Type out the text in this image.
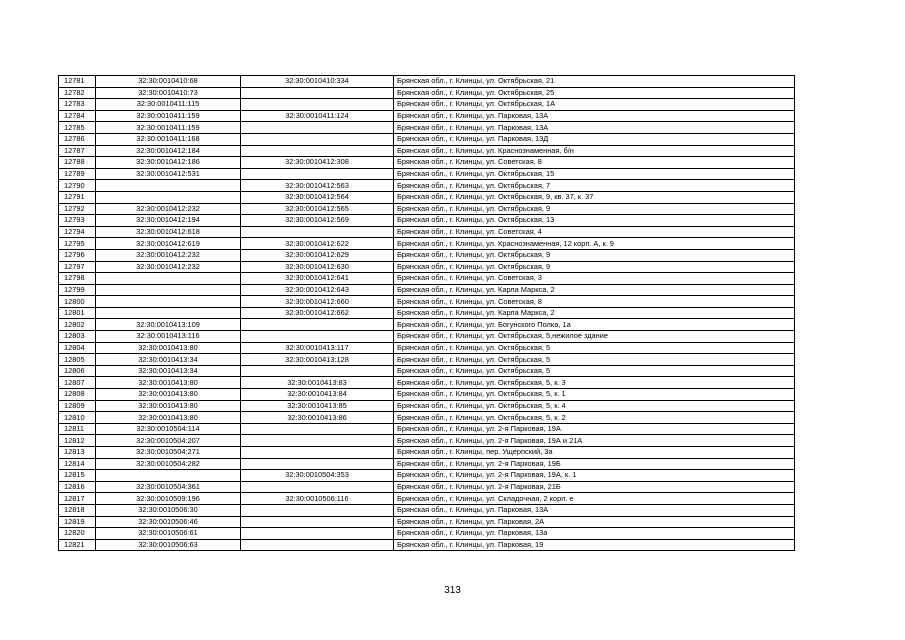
12781	32:30:0010410:68	32:30:0010410:334	Брянская обл., г. Клинцы, ул. Октябрьская, 21
12782	32:30:0010410:73		Брянская обл., г. Клинцы, ул. Октябрьская, 25
12783	32:30:0010411:115		Брянская обл., г. Клинцы, ул. Октябрьская, 1А
12784	32:30:0010411:159	32:30:0010411:124	Брянская обл., г. Клинцы, ул. Парковая, 13А
12785	32:30:0010411:159		Брянская обл., г. Клинцы, ул. Парковая, 13А
12786	32:30:0010411:168		Брянская обл., г. Клинцы, ул. Парковая, 13Д
12787	32:30:0010412:184		Брянская обл., г. Клинцы, ул. Краснознаменная, б/н
12788	32:30:0010412:186	32:30:0010412:308	Брянская обл., г. Клинцы, ул. Советская, 8
12789	32:30:0010412:531		Брянская обл., г. Клинцы, ул. Октябрьская, 15
12790		32:30:0010412:563	Брянская обл., г. Клинцы, ул. Октябрьская, 7
12791		32:30:0010412:564	Брянская обл., г. Клинцы, ул. Октябрьская, 9, кв. 37, к. 37
12792	32:30:0010412:232	32:30:0010412:565	Брянская обл., г. Клинцы, ул. Октябрьская, 9
12793	32:30:0010412:194	32:30:0010412:569	Брянская обл., г. Клинцы, ул. Октябрьская, 13
12794	32:30:0010412:618		Брянская обл., г. Клинцы, ул. Советская, 4
12795	32:30:0010412:619	32:30:0010412:622	Брянская обл., г. Клинцы, ул. Краснознаменная, 12 корп. А, к. 9
12796	32:30:0010412:232	32:30:0010412:629	Брянская обл., г. Клинцы, ул. Октябрьская, 9
12797	32:30:0010412:232	32:30:0010412:630	Брянская обл., г. Клинцы, ул. Октябрьская, 9
12798		32:30:0010412:641	Брянская обл., г. Клинцы, ул. Советская, 3
12799		32:30:0010412:643	Брянская обл., г. Клинцы, ул. Карла Маркса, 2
12800		32:30:0010412:660	Брянская обл., г. Клинцы, ул. Советская, 8
12801		32:30:0010412:662	Брянская обл., г. Клинцы, ул. Карла Маркса, 2
12802	32:30:0010413:109		Брянская обл., г. Клинцы, ул. Богунского Полка, 1а
12803	32:30:0010413:116		Брянская обл., г. Клинцы, ул. Октябрьская, 5,нежилое здание
12804	32:30:0010413:80	32:30:0010413:117	Брянская обл., г. Клинцы, ул. Октябрьская, 5
12805	32:30:0010413:34	32:30:0010413:128	Брянская обл., г. Клинцы, ул. Октябрьская, 5
12806	32:30:0010413:34		Брянская обл., г. Клинцы, ул. Октябрьская, 5
12807	32:30:0010413:80	32:30:0010413:83	Брянская обл., г. Клинцы, ул. Октябрьская, 5, к. 3
12808	32:30:0010413:80	32:30:0010413:84	Брянская обл., г. Клинцы, ул. Октябрьская, 5, к. 1
12809	32:30:0010413:80	32:30:0010413:85	Брянская обл., г. Клинцы, ул. Октябрьская, 5, к. 4
12810	32:30:0010413:80	32:30:0010413:86	Брянская обл., г. Клинцы, ул. Октябрьская, 5, к. 2
12811	32:30:0010504:114		Брянская обл., г. Клинцы, ул. 2-я Парковая, 19А
12812	32:30:0010504:207		Брянская обл., г. Клинцы, ул. 2-я Парковая, 19А и 21А
12813	32:30:0010504:271		Брянская обл., г. Клинцы, пер. Ущерпский, 3а
12814	32:30:0010504:282		Брянская обл., г. Клинцы, ул. 2-я Парковая, 19Б
12815		32:30:0010504:353	Брянская обл., г. Клинцы, ул. 2-я Парковая, 19А, к. 1
12816	32:30:0010504:361		Брянская обл., г. Клинцы, ул. 2-я Парковая, 21Б
12817	32:30:0010509:196	32:30:0010506:116	Брянская обл., г. Клинцы, ул. Складочная, 2 корп. е
12818	32:30:0010506:30		Брянская обл., г. Клинцы, ул. Парковая, 13А
12819	32:30:0010506:46		Брянская обл., г. Клинцы, ул. Парковая, 2А
12820	32:30:0010506:61		Брянская обл., г. Клинцы, ул. Парковая, 13а
12821	32:30:0010506:63		Брянская обл., г. Клинцы, ул. Парковая, 19
313
